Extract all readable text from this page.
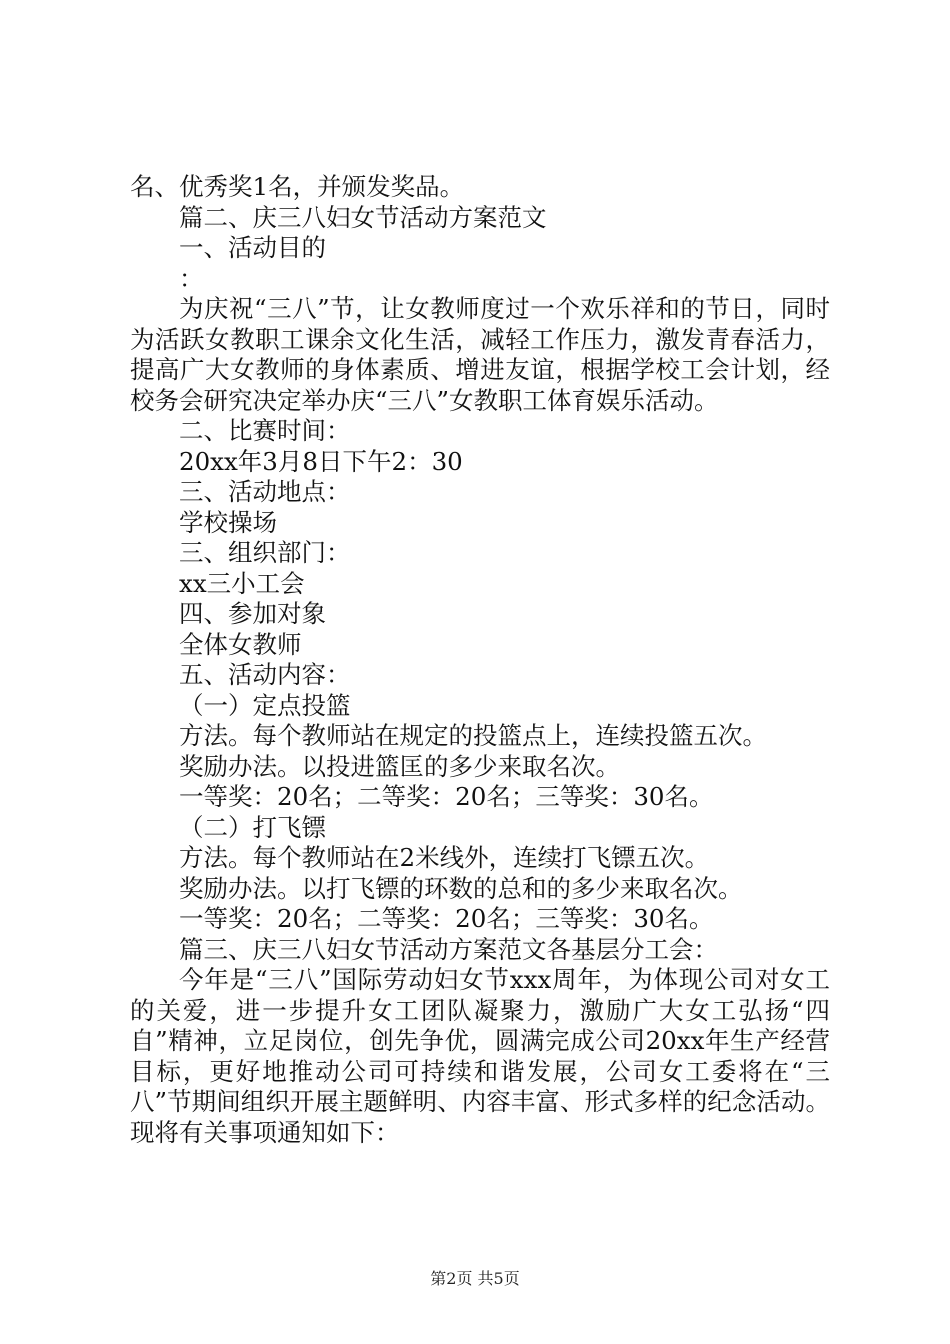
名、优秀奖1名，并颁发奖品。
篇二、庆三八妇女节活动方案范文
一、活动目的
：

为庆祝“三八”节，让女教师度过一个欢乐祥和的节日，同时为活跃女教职工课余文化生活，减轻工作压力，激发青春活力，提高广大女教师的身体素质、增进友谊，根据学校工会计划，经校务会研究决定举办庆“三八”女教职工体育娱乐活动。

二、比赛时间：
20xx年3月8日下午2：30
三、活动地点：
学校操场
三、组织部门：
xx三小工会
四、参加对象
全体女教师
五、活动内容：
（一）定点投篮
方法。每个教师站在规定的投篮点上，连续投篮五次。
奖励办法。以投进篮匡的多少来取名次。
一等奖：20名；二等奖：20名；三等奖：30名。
（二）打飞镖
方法。每个教师站在2米线外，连续打飞镖五次。
奖励办法。以打飞镖的环数的总和的多少来取名次。
一等奖：20名；二等奖：20名；三等奖：30名。
篇三、庆三八妇女节活动方案范文各基层分工会：

今年是“三八”国际劳动妇女节xxx周年，为体现公司对女工的关爱，进一步提升女工团队凝聚力，激励广大女工弘扬“四自”精神，立足岗位，创先争优，圆满完成公司20xx年生产经营目标，更好地推动公司可持续和谐发展，公司女工委将在“三八”节期间组织开展主题鲜明、内容丰富、形式多样的纪念活动。现将有关事项通知如下：

第2页 共5页
